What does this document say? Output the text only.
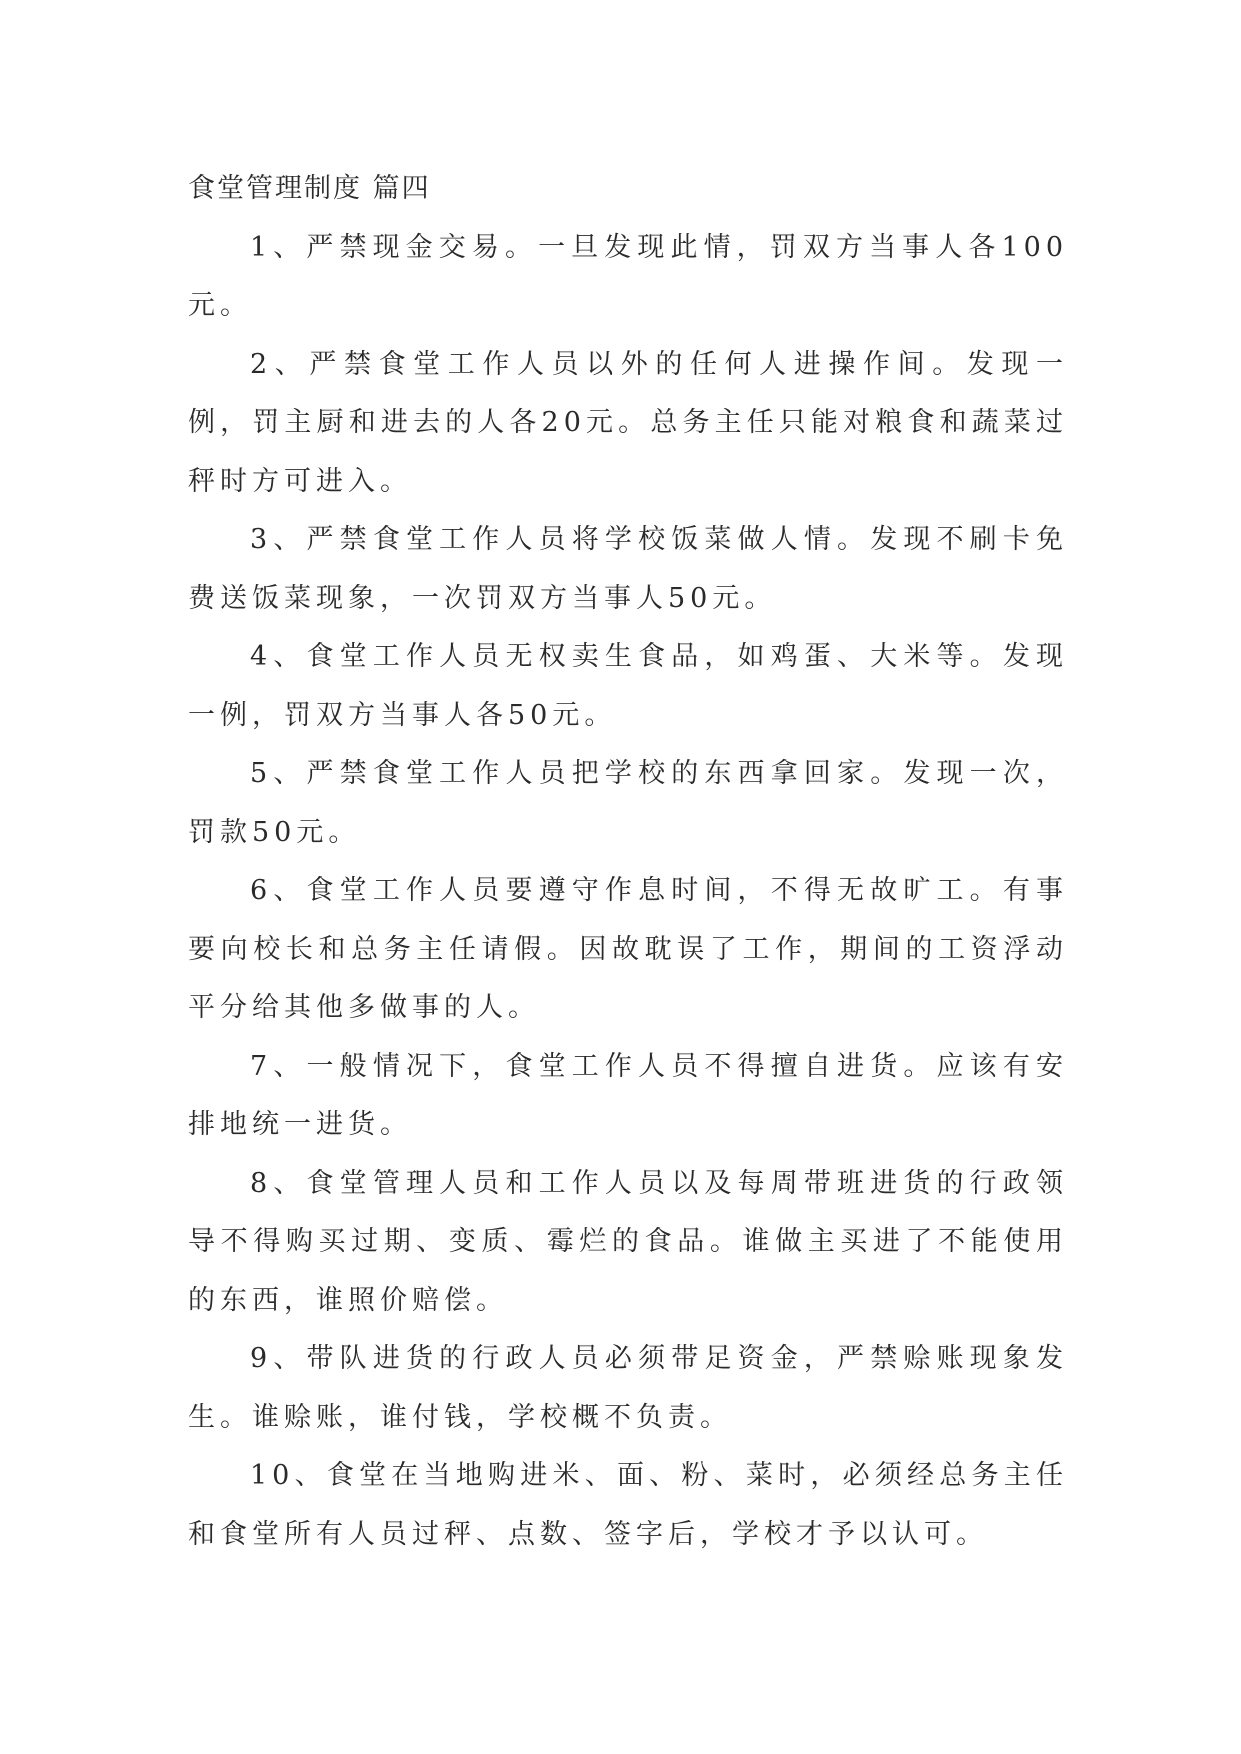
食堂管理制度 篇四

1、严禁现金交易。一旦发现此情，罚双方当事人各100元。

2、严禁食堂工作人员以外的任何人进操作间。发现一例，罚主厨和进去的人各20元。总务主任只能对粮食和蔬菜过秤时方可进入。

3、严禁食堂工作人员将学校饭菜做人情。发现不刷卡免费送饭菜现象，一次罚双方当事人50元。

4、食堂工作人员无权卖生食品，如鸡蛋、大米等。发现一例，罚双方当事人各50元。

5、严禁食堂工作人员把学校的东西拿回家。发现一次，罚款50元。

6、食堂工作人员要遵守作息时间，不得无故旷工。有事要向校长和总务主任请假。因故耽误了工作，期间的工资浮动平分给其他多做事的人。

7、一般情况下，食堂工作人员不得擅自进货。应该有安排地统一进货。

8、食堂管理人员和工作人员以及每周带班进货的行政领导不得购买过期、变质、霉烂的食品。谁做主买进了不能使用的东西，谁照价赔偿。

9、带队进货的行政人员必须带足资金，严禁赊账现象发生。谁赊账，谁付钱，学校概不负责。

10、食堂在当地购进米、面、粉、菜时，必须经总务主任和食堂所有人员过秤、点数、签字后，学校才予以认可。
